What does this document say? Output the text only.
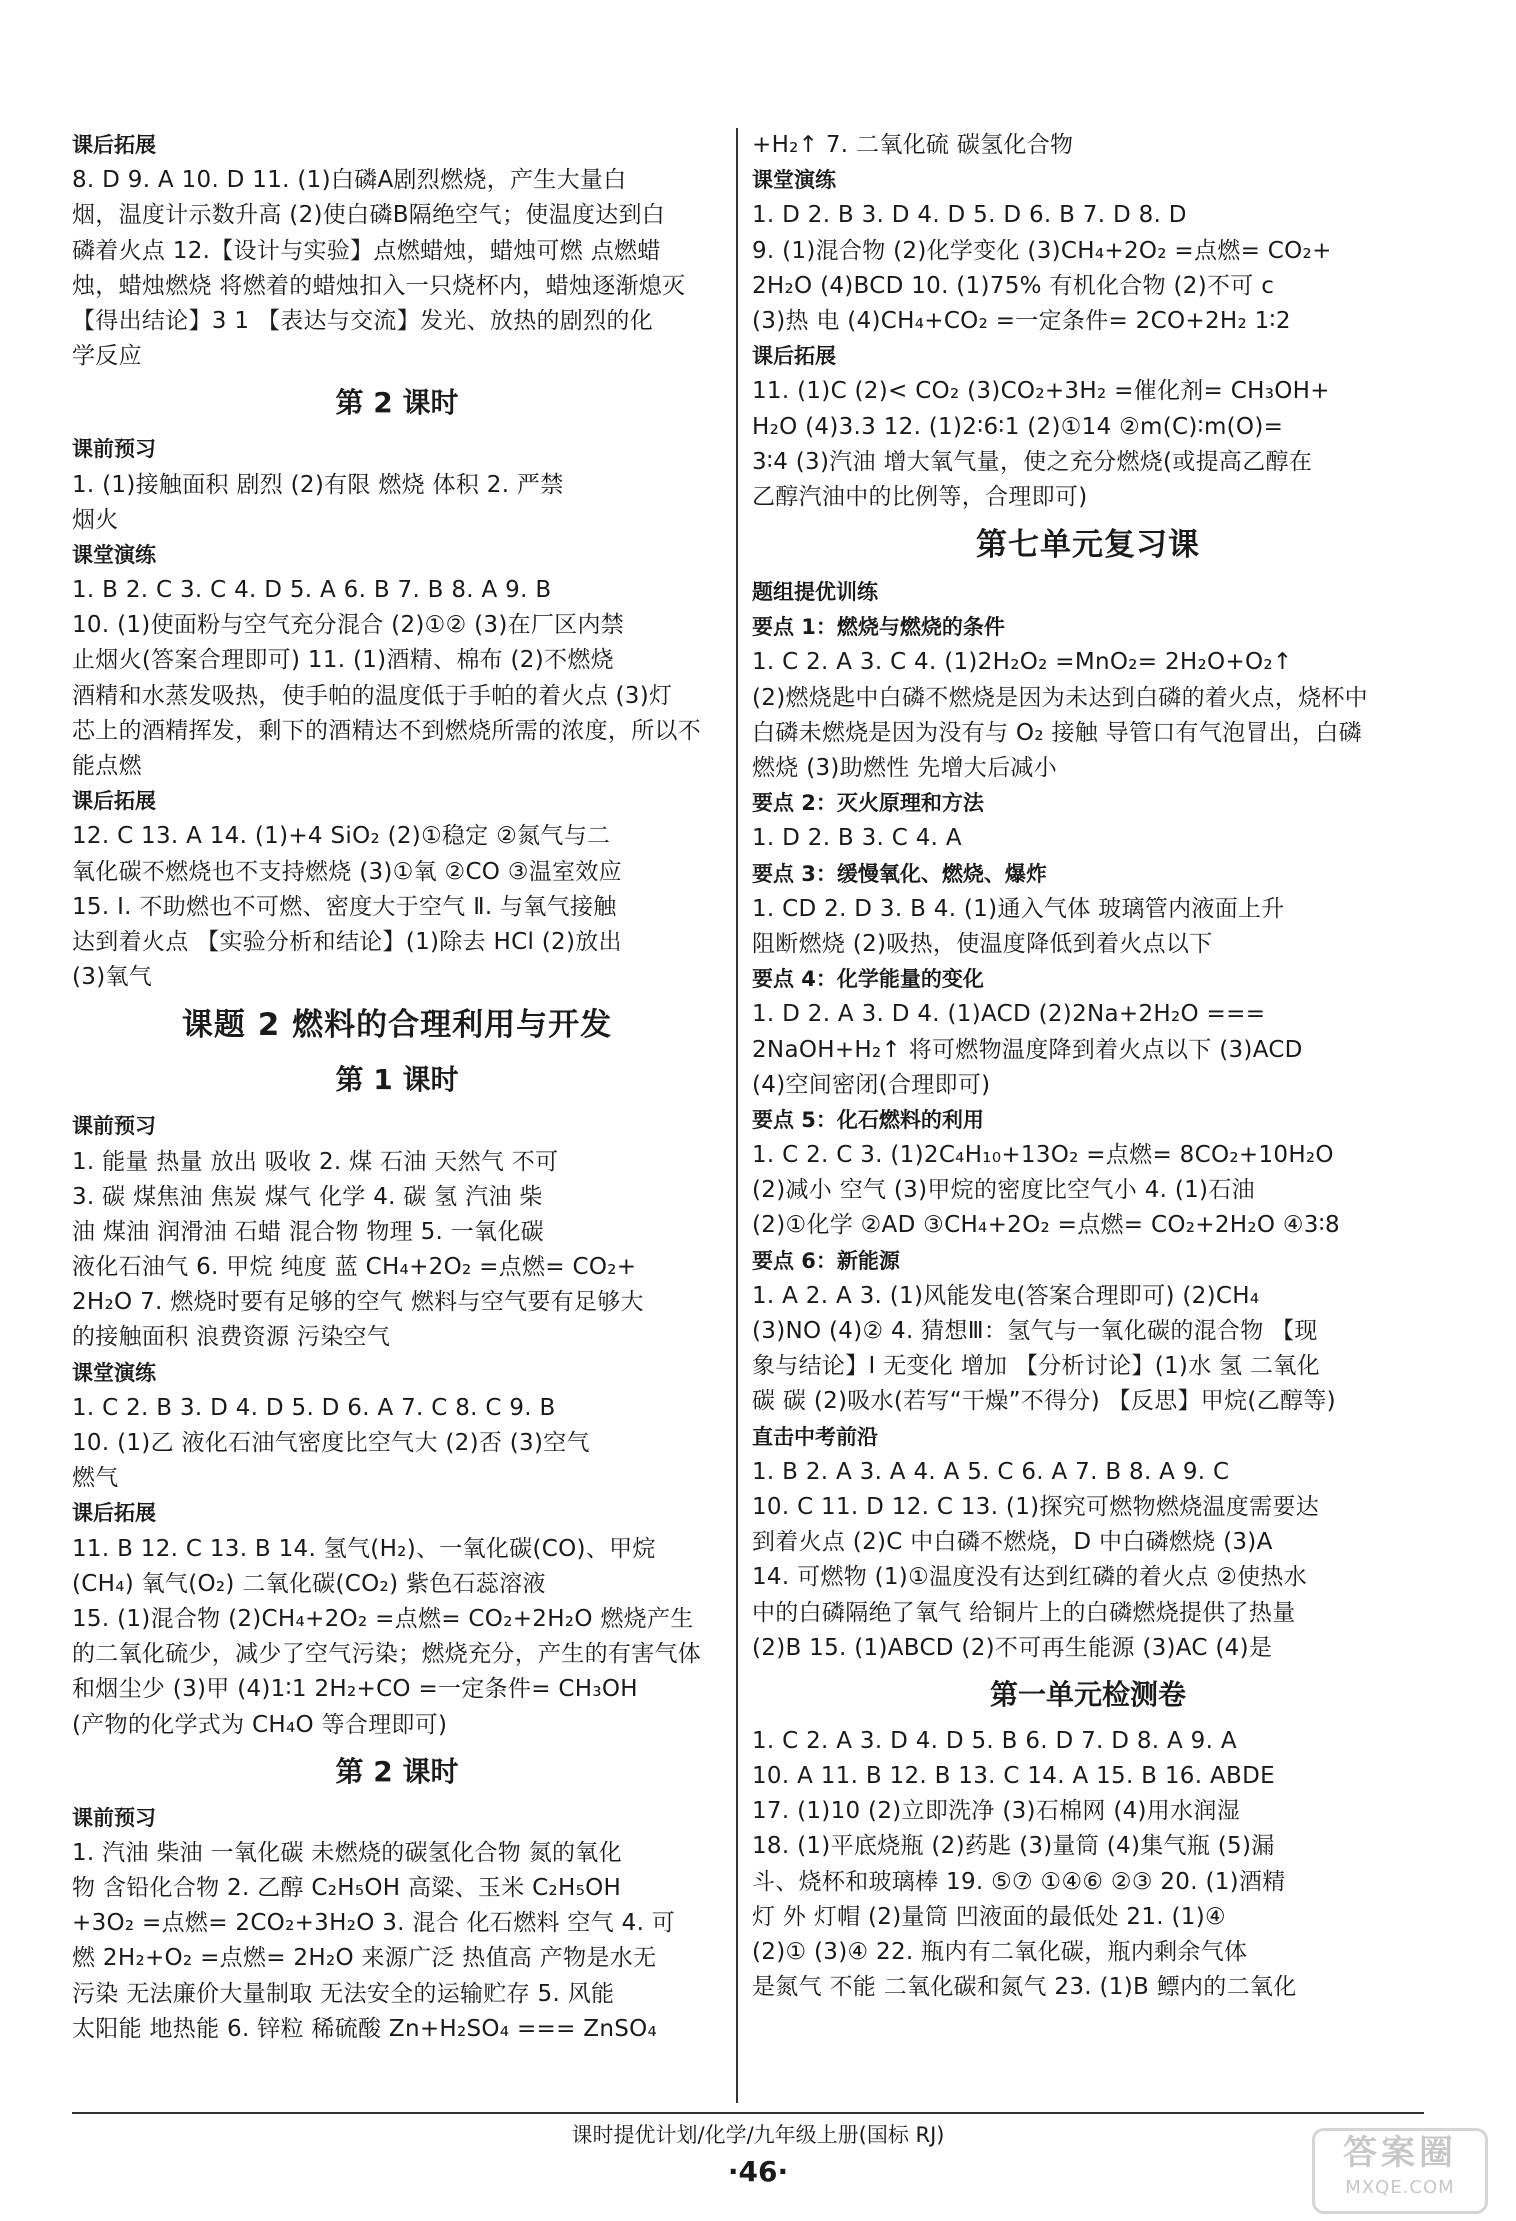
课后拓展
8. D 9. A 10. D 11. (1)白磷A剧烈燃烧，产生大量白
烟，温度计示数升高 (2)使白磷B隔绝空气；使温度达到白
磷着火点 12.【设计与实验】点燃蜡烛，蜡烛可燃 点燃蜡
烛，蜡烛燃烧 将燃着的蜡烛扣入一只烧杯内，蜡烛逐渐熄灭
【得出结论】3 1 【表达与交流】发光、放热的剧烈的化
学反应
第 2 课时
课前预习
1. (1)接触面积 剧烈 (2)有限 燃烧 体积 2. 严禁
烟火
课堂演练
1. B 2. C 3. C 4. D 5. A 6. B 7. B 8. A 9. B
10. (1)使面粉与空气充分混合 (2)①② (3)在厂区内禁
止烟火(答案合理即可) 11. (1)酒精、棉布 (2)不燃烧
酒精和水蒸发吸热，使手帕的温度低于手帕的着火点 (3)灯
芯上的酒精挥发，剩下的酒精达不到燃烧所需的浓度，所以不
能点燃
课后拓展
12. C 13. A 14. (1)+4 SiO₂ (2)①稳定 ②氮气与二
氧化碳不燃烧也不支持燃烧 (3)①氧 ②CO ③温室效应
15. Ⅰ. 不助燃也不可燃、密度大于空气 Ⅱ. 与氧气接触
达到着火点 【实验分析和结论】(1)除去 HCl (2)放出
(3)氧气
课题 2 燃料的合理利用与开发
第 1 课时
课前预习
1. 能量 热量 放出 吸收 2. 煤 石油 天然气 不可
3. 碳 煤焦油 焦炭 煤气 化学 4. 碳 氢 汽油 柴
油 煤油 润滑油 石蜡 混合物 物理 5. 一氧化碳
液化石油气 6. 甲烷 纯度 蓝 CH₄+2O₂ =点燃= CO₂+
2H₂O 7. 燃烧时要有足够的空气 燃料与空气要有足够大
的接触面积 浪费资源 污染空气
课堂演练
1. C 2. B 3. D 4. D 5. D 6. A 7. C 8. C 9. B
10. (1)乙 液化石油气密度比空气大 (2)否 (3)空气
燃气
课后拓展
11. B 12. C 13. B 14. 氢气(H₂)、一氧化碳(CO)、甲烷
(CH₄) 氧气(O₂) 二氧化碳(CO₂) 紫色石蕊溶液
15. (1)混合物 (2)CH₄+2O₂ =点燃= CO₂+2H₂O 燃烧产生
的二氧化硫少，减少了空气污染；燃烧充分，产生的有害气体
和烟尘少 (3)甲 (4)1∶1 2H₂+CO =一定条件= CH₃OH
(产物的化学式为 CH₄O 等合理即可)
第 2 课时
课前预习
1. 汽油 柴油 一氧化碳 未燃烧的碳氢化合物 氮的氧化
物 含铅化合物 2. 乙醇 C₂H₅OH 高粱、玉米 C₂H₅OH
+3O₂ =点燃= 2CO₂+3H₂O 3. 混合 化石燃料 空气 4. 可
燃 2H₂+O₂ =点燃= 2H₂O 来源广泛 热值高 产物是水无
污染 无法廉价大量制取 无法安全的运输贮存 5. 风能
太阳能 地热能 6. 锌粒 稀硫酸 Zn+H₂SO₄ === ZnSO₄
+H₂↑ 7. 二氧化硫 碳氢化合物
课堂演练
1. D 2. B 3. D 4. D 5. D 6. B 7. D 8. D
9. (1)混合物 (2)化学变化 (3)CH₄+2O₂ =点燃= CO₂+
2H₂O (4)BCD 10. (1)75% 有机化合物 (2)不可 c
(3)热 电 (4)CH₄+CO₂ =一定条件= 2CO+2H₂ 1∶2
课后拓展
11. (1)C (2)< CO₂ (3)CO₂+3H₂ =催化剂= CH₃OH+
H₂O (4)3.3 12. (1)2∶6∶1 (2)①14 ②m(C)∶m(O)=
3∶4 (3)汽油 增大氧气量，使之充分燃烧(或提高乙醇在
乙醇汽油中的比例等，合理即可)
第七单元复习课
题组提优训练
要点 1：燃烧与燃烧的条件
1. C 2. A 3. C 4. (1)2H₂O₂ =MnO₂= 2H₂O+O₂↑
(2)燃烧匙中白磷不燃烧是因为未达到白磷的着火点，烧杯中
白磷未燃烧是因为没有与 O₂ 接触 导管口有气泡冒出，白磷
燃烧 (3)助燃性 先增大后减小
要点 2：灭火原理和方法
1. D 2. B 3. C 4. A
要点 3：缓慢氧化、燃烧、爆炸
1. CD 2. D 3. B 4. (1)通入气体 玻璃管内液面上升
阻断燃烧 (2)吸热，使温度降低到着火点以下
要点 4：化学能量的变化
1. D 2. A 3. D 4. (1)ACD (2)2Na+2H₂O ===
2NaOH+H₂↑ 将可燃物温度降到着火点以下 (3)ACD
(4)空间密闭(合理即可)
要点 5：化石燃料的利用
1. C 2. C 3. (1)2C₄H₁₀+13O₂ =点燃= 8CO₂+10H₂O
(2)减小 空气 (3)甲烷的密度比空气小 4. (1)石油
(2)①化学 ②AD ③CH₄+2O₂ =点燃= CO₂+2H₂O ④3∶8
要点 6：新能源
1. A 2. A 3. (1)风能发电(答案合理即可) (2)CH₄
(3)NO (4)② 4. 猜想Ⅲ：氢气与一氧化碳的混合物 【现
象与结论】Ⅰ 无变化 增加 【分析讨论】(1)水 氢 二氧化
碳 碳 (2)吸水(若写“干燥”不得分) 【反思】甲烷(乙醇等)
直击中考前沿
1. B 2. A 3. A 4. A 5. C 6. A 7. B 8. A 9. C
10. C 11. D 12. C 13. (1)探究可燃物燃烧温度需要达
到着火点 (2)C 中白磷不燃烧，D 中白磷燃烧 (3)A
14. 可燃物 (1)①温度没有达到红磷的着火点 ②使热水
中的白磷隔绝了氧气 给铜片上的白磷燃烧提供了热量
(2)B 15. (1)ABCD (2)不可再生能源 (3)AC (4)是
第一单元检测卷
1. C 2. A 3. D 4. D 5. B 6. D 7. D 8. A 9. A
10. A 11. B 12. B 13. C 14. A 15. B 16. ABDE
17. (1)10 (2)立即洗净 (3)石棉网 (4)用水润湿
18. (1)平底烧瓶 (2)药匙 (3)量筒 (4)集气瓶 (5)漏
斗、烧杯和玻璃棒 19. ⑤⑦ ①④⑥ ②③ 20. (1)酒精
灯 外 灯帽 (2)量筒 凹液面的最低处 21. (1)④
(2)① (3)④ 22. 瓶内有二氧化碳，瓶内剩余气体
是氮气 不能 二氧化碳和氮气 23. (1)B 鳔内的二氧化
课时提优计划/化学/九年级上册(国标 RJ)
·46·	答案圈
MXQE.COM
